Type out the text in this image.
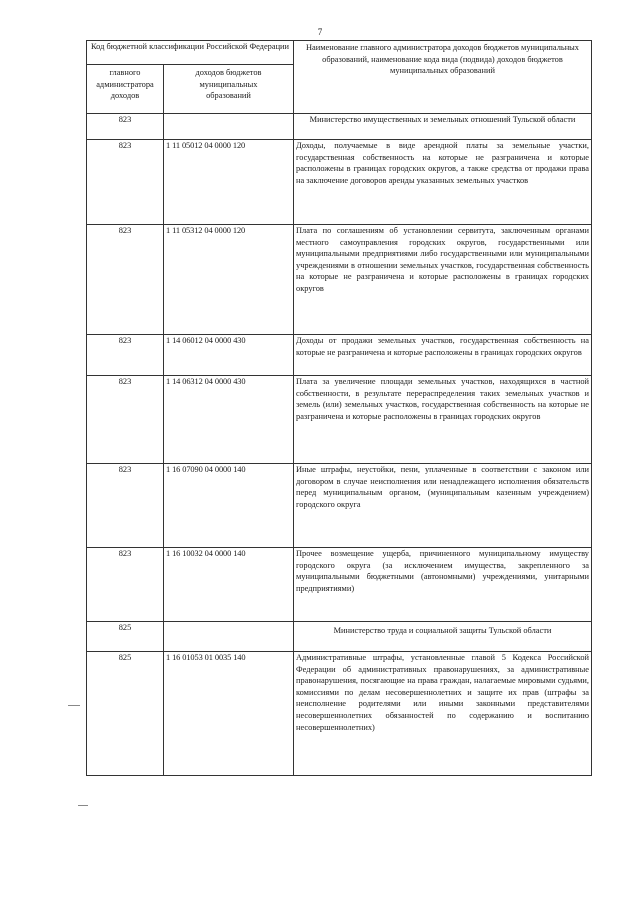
7
Код бюджетной классификации Российской Федерации		Наименование главного администратора доходов бюджетов муниципальных образований, наименование кода вида (подвида) доходов бюджетов муниципальных образований
главного администратора доходов	доходов бюджетов муниципальных образований	
823		Министерство имущественных и земельных отношений Тульской области
823	1 11 05012 04 0000 120	Доходы, получаемые в виде арендной платы за земельные участки, государственная собственность на которые не разграничена и которые расположены в границах городских округов, а также средства от продажи права на заключение договоров аренды указанных земельных участков
823	1 11 05312 04 0000 120	Плата по соглашениям об установлении сервитута, заключенным органами местного самоуправления городских округов, государственными или муниципальными предприятиями либо государственными или муниципальными учреждениями в отношении земельных участков, государственная собственность на которые не разграничена и которые расположены в границах городских округов
823	1 14 06012 04 0000 430	Доходы от продажи земельных участков, государственная собственность на которые не разграничена и которые расположены в границах городских округов
823	1 14 06312 04 0000 430	Плата за увеличение площади земельных участков, находящихся в частной собственности, в результате перераспределения таких земельных участков и земель (или) земельных участков, государственная собственность на которые не разграничена и которые расположены в границах городских округов
823	1 16 07090 04 0000 140	Иные штрафы, неустойки, пени, уплаченные в соответствии с законом или договором в случае неисполнения или ненадлежащего исполнения обязательств перед муниципальным органом, (муниципальным казенным учреждением) городского округа
823	1 16 10032 04 0000 140	Прочее возмещение ущерба, причиненного муниципальному имуществу городского округа (за исключением имущества, закрепленного за муниципальными бюджетными (автономными) учреждениями, унитарными предприятиями)
825		Министерство труда и социальной защиты Тульской области
825	1 16 01053 01 0035 140	Административные штрафы, установленные главой 5 Кодекса Российской Федерации об административных правонарушениях, за административные правонарушения, посягающие на права граждан, налагаемые мировыми судьями, комиссиями по делам несовершеннолетних и защите их прав (штрафы за неисполнение родителями или иными законными представителями несовершеннолетних обязанностей по содержанию и воспитанию несовершеннолетних)
